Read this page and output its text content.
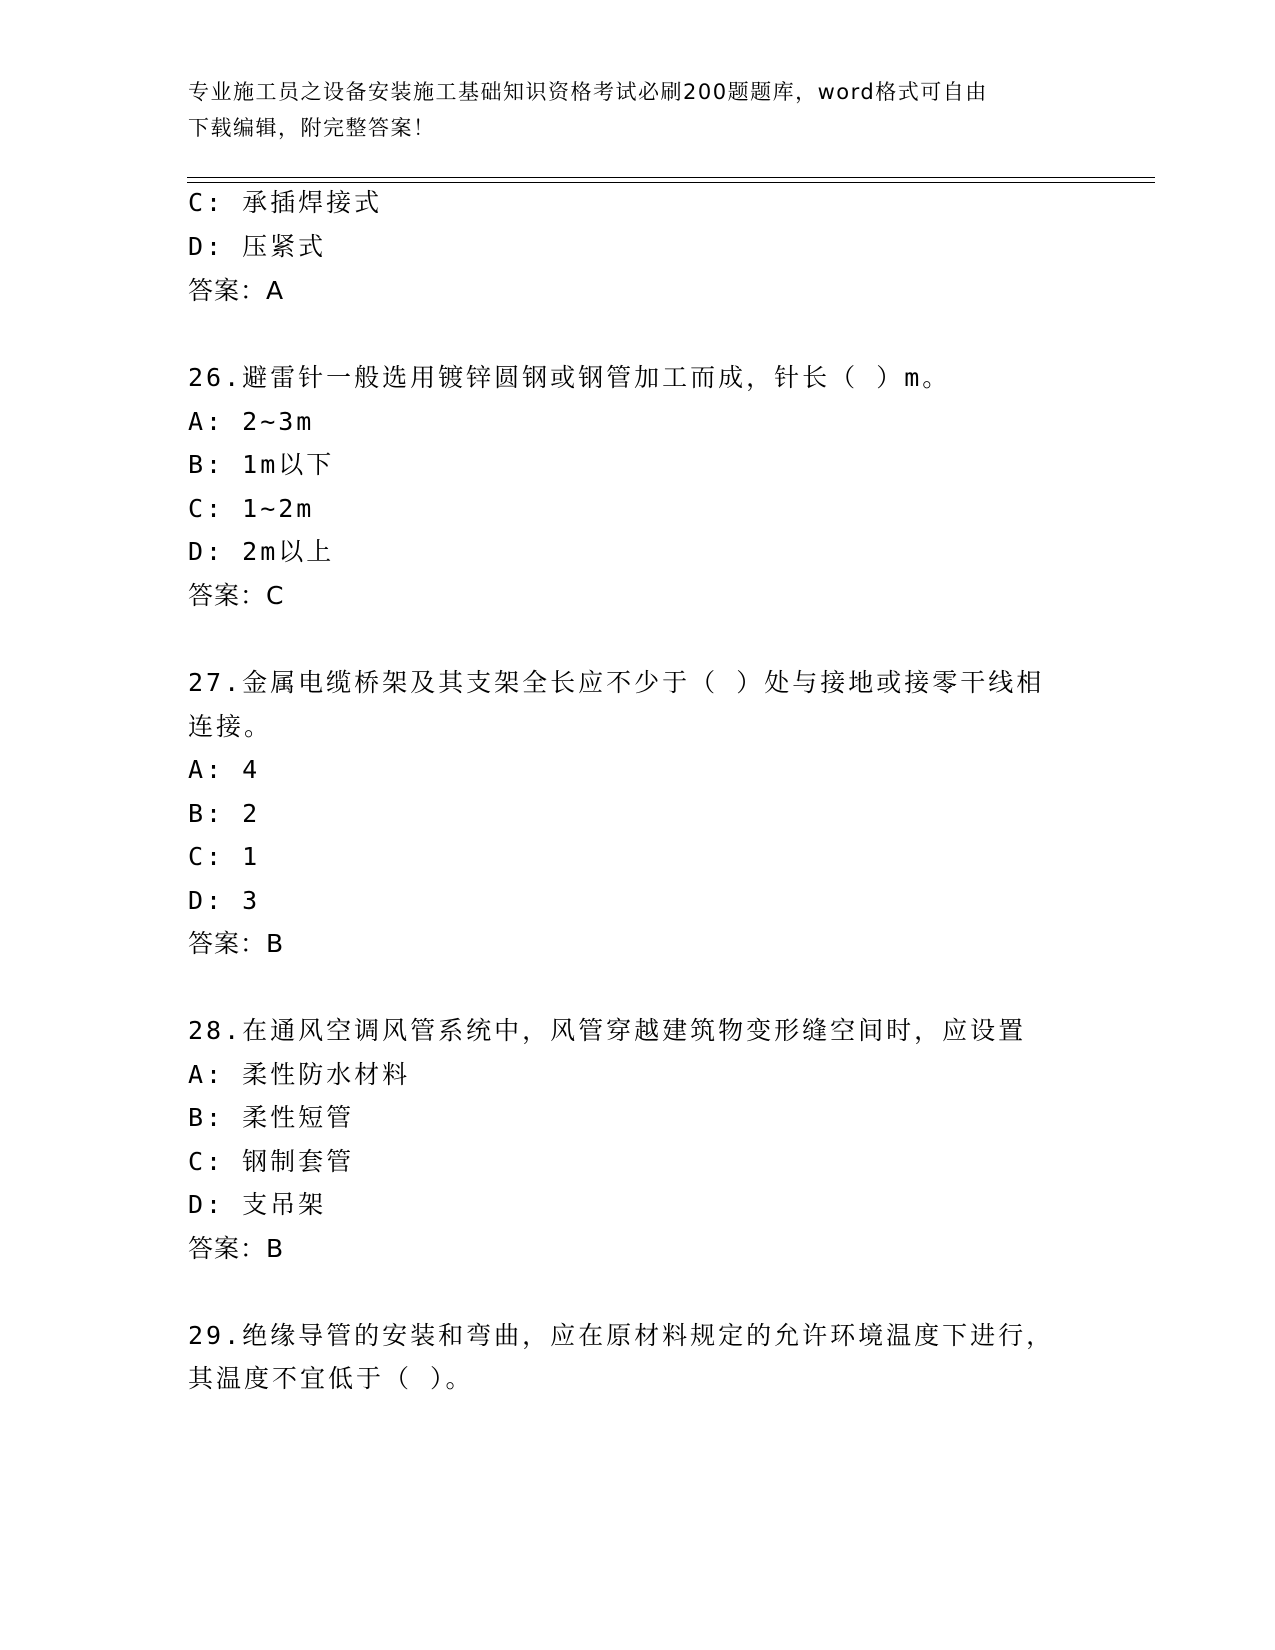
专业施工员之设备安装施工基础知识资格考试必刷200题题库，word格式可自由
下载编辑，附完整答案！
C: 承插焊接式
D: 压紧式
答案：A
26.避雷针一般选用镀锌圆钢或钢管加工而成，针长（ ）m。
A: 2~3m
B: 1m以下
C: 1~2m
D: 2m以上
答案：C
27.金属电缆桥架及其支架全长应不少于（ ）处与接地或接零干线相
连接。
A: 4
B: 2
C: 1
D: 3
答案：B
28.在通风空调风管系统中，风管穿越建筑物变形缝空间时，应设置
A: 柔性防水材料
B: 柔性短管
C: 钢制套管
D: 支吊架
答案：B
29.绝缘导管的安装和弯曲，应在原材料规定的允许环境温度下进行，
其温度不宜低于（ ）。
